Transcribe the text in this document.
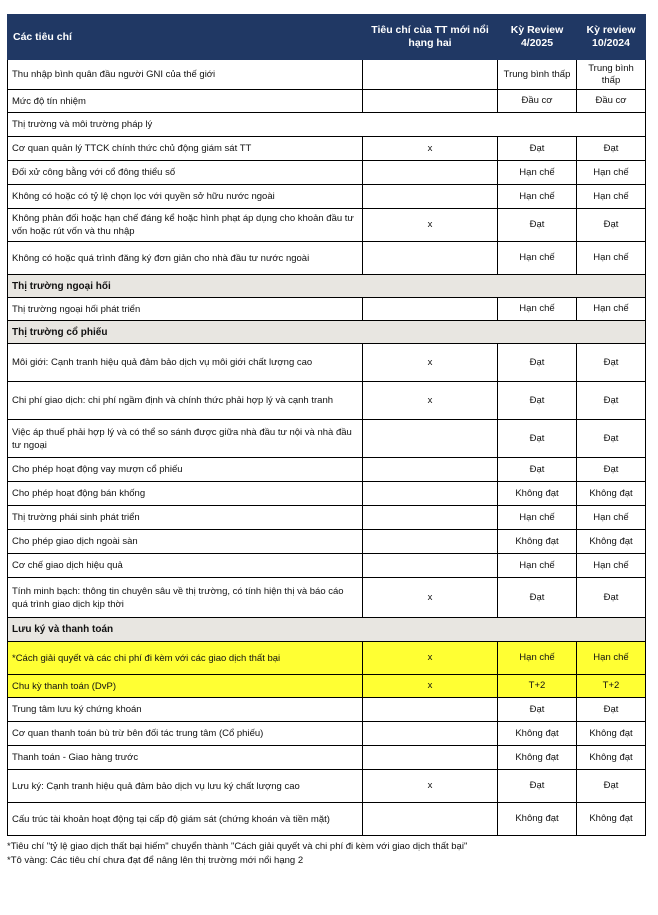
Các tiêu chí	Tiêu chí của TT mới nổi hạng hai	Kỳ Review 4/2025	Kỳ review 10/2024
Thu nhập bình quân đầu người GNI của thế giới		Trung bình thấp	Trung bình thấp
Mức độ tín nhiệm		Đầu cơ	Đầu cơ
Thị trường và môi trường pháp lý			
Cơ quan quản lý TTCK chính thức chủ động giám sát TT	x	Đạt	Đạt
Đối xử công bằng với cổ đông thiểu số		Hạn chế	Hạn chế
Không có hoặc có tỷ lệ chọn lọc với quyền sở hữu nước ngoài		Hạn chế	Hạn chế
Không phản đối hoặc hạn chế đáng kể hoặc hình phạt áp dụng cho khoản đầu tư vốn hoặc rút vốn và thu nhập	x	Đạt	Đạt
Không có hoặc quá trình đăng ký đơn giản cho nhà đầu tư nước ngoài		Hạn chế	Hạn chế
Thị trường ngoại hối			
Thị trường ngoại hối phát triển		Hạn chế	Hạn chế
Thị trường cổ phiếu			
Môi giới: Cạnh tranh hiệu quả đảm bảo dịch vụ môi giới chất lượng cao	x	Đạt	Đạt
Chi phí giao dịch: chi phí ngầm định và chính thức phải hợp lý và cạnh tranh	x	Đạt	Đạt
Việc áp thuế phải hợp lý và có thể so sánh được giữa nhà đầu tư nội và nhà đầu tư ngoại		Đạt	Đạt
Cho phép hoạt động vay mượn cổ phiếu		Đạt	Đạt
Cho phép hoạt động bán khống		Không đạt	Không đạt
Thị trường phái sinh phát triển		Hạn chế	Hạn chế
Cho phép giao dịch ngoài sàn		Không đạt	Không đạt
Cơ chế giao dịch hiệu quả		Hạn chế	Hạn chế
Tính minh bạch: thông tin chuyên sâu về thị trường, có tính hiện thị và báo cáo quá trình giao dịch kịp thời	x	Đạt	Đạt
Lưu ký và thanh toán			
*Cách giải quyết và các chi phí đi kèm với các giao dịch thất bại	x	Hạn chế	Hạn chế
Chu kỳ thanh toán (DvP)	x	T+2	T+2
Trung tâm lưu ký chứng khoán		Đạt	Đạt
Cơ quan thanh toán bù trừ bên đối tác trung tâm (Cổ phiếu)		Không đạt	Không đạt
Thanh toán - Giao hàng trước		Không đạt	Không đạt
Lưu ký: Cạnh tranh hiệu quả đảm bảo dịch vụ lưu ký chất lượng cao	x	Đạt	Đạt
Cấu trúc tài khoản hoạt động tại cấp độ giám sát (chứng khoán và tiền mặt)		Không đạt	Không đạt
*Tiêu chí "tỷ lệ giao dịch thất bại hiếm" chuyển thành "Cách giải quyết và chi phí đi kèm với giao dịch thất bại"
*Tô vàng: Các tiêu chí chưa đạt để nâng lên thị trường mới nổi hạng 2
